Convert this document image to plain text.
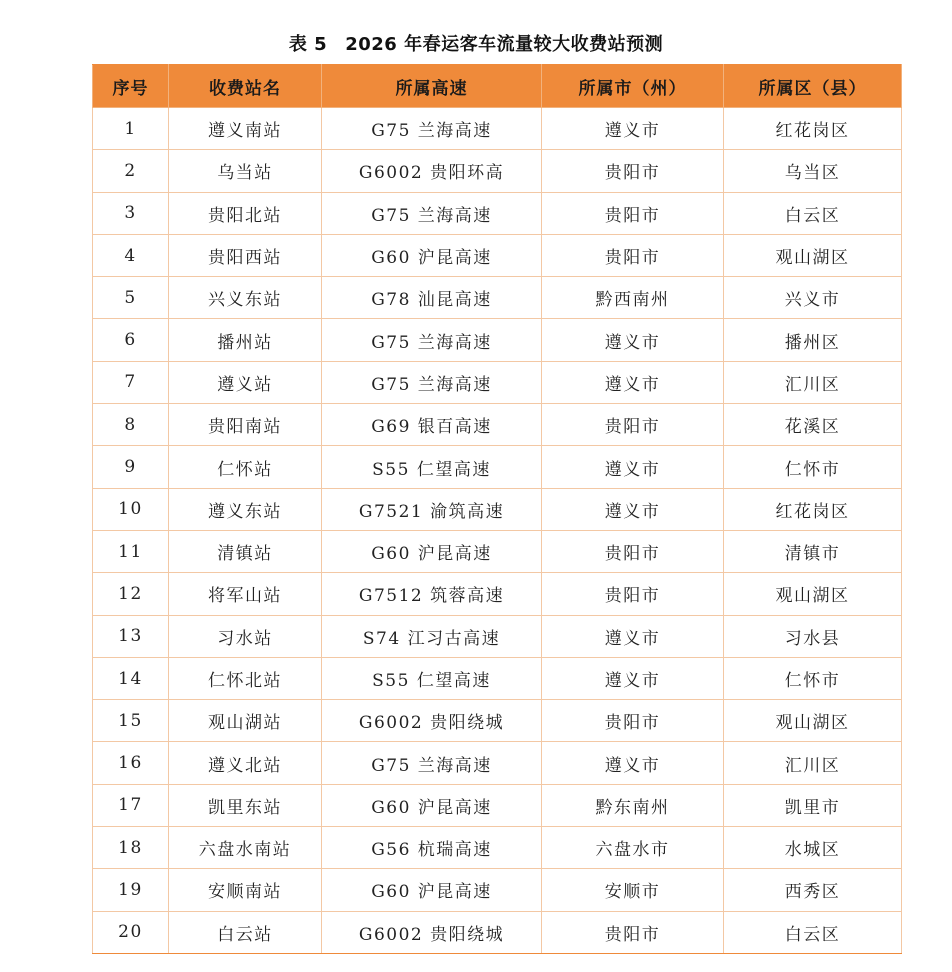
表 5 2026 年春运客车流量较大收费站预测
序号	收费站名	所属高速	所属市（州）	所属区（县）
1	遵义南站	G75 兰海高速	遵义市	红花岗区
2	乌当站	G6002 贵阳环高	贵阳市	乌当区
3	贵阳北站	G75 兰海高速	贵阳市	白云区
4	贵阳西站	G60 沪昆高速	贵阳市	观山湖区
5	兴义东站	G78 汕昆高速	黔西南州	兴义市
6	播州站	G75 兰海高速	遵义市	播州区
7	遵义站	G75 兰海高速	遵义市	汇川区
8	贵阳南站	G69 银百高速	贵阳市	花溪区
9	仁怀站	S55 仁望高速	遵义市	仁怀市
10	遵义东站	G7521 渝筑高速	遵义市	红花岗区
11	清镇站	G60 沪昆高速	贵阳市	清镇市
12	将军山站	G7512 筑蓉高速	贵阳市	观山湖区
13	习水站	S74 江习古高速	遵义市	习水县
14	仁怀北站	S55 仁望高速	遵义市	仁怀市
15	观山湖站	G6002 贵阳绕城	贵阳市	观山湖区
16	遵义北站	G75 兰海高速	遵义市	汇川区
17	凯里东站	G60 沪昆高速	黔东南州	凯里市
18	六盘水南站	G56 杭瑞高速	六盘水市	水城区
19	安顺南站	G60 沪昆高速	安顺市	西秀区
20	白云站	G6002 贵阳绕城	贵阳市	白云区
